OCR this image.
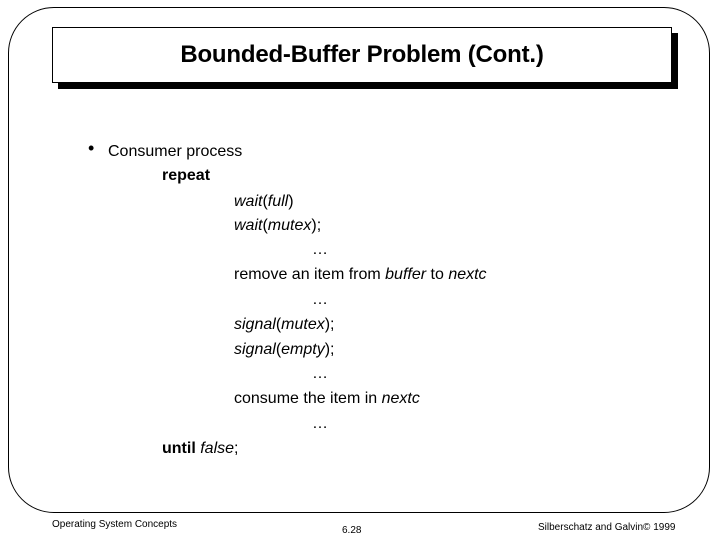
Bounded-Buffer Problem (Cont.)
• Consumer process
repeat
wait(full)
wait(mutex);
…
remove an item from buffer to nextc
…
signal(mutex);
signal(empty);
…
consume the item in nextc
…
until false;
Operating System Concepts
6.28	Silberschatz and Galvin© 1999
